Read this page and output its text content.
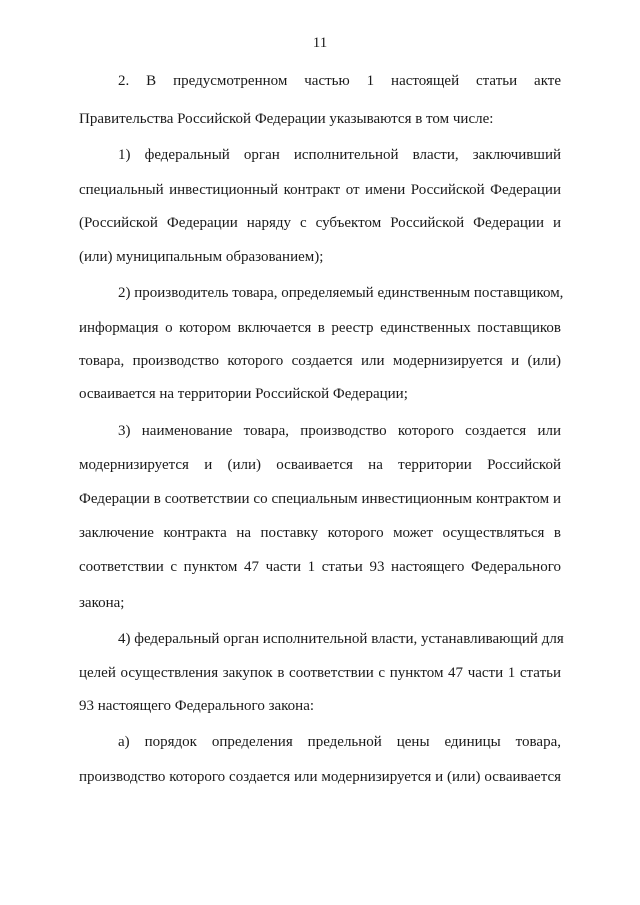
11
2. В предусмотренном частью 1 настоящей статьи акте
Правительства Российской Федерации указываются в том числе:
1) федеральный орган исполнительной власти, заключивший
специальный инвестиционный контракт от имени Российской Федерации
(Российской Федерации наряду с субъектом Российской Федерации и
(или) муниципальным образованием);
2) производитель товара, определяемый единственным поставщиком,
информация о котором включается в реестр единственных поставщиков
товара, производство которого создается или модернизируется и (или)
осваивается на территории Российской Федерации;
3) наименование товара, производство которого создается или
модернизируется и (или) осваивается на территории Российской
Федерации в соответствии со специальным инвестиционным контрактом и
заключение контракта на поставку которого может осуществляться в
соответствии с пунктом 47 части 1 статьи 93 настоящего Федерального
закона;
4) федеральный орган исполнительной власти, устанавливающий для
целей осуществления закупок в соответствии с пунктом 47 части 1 статьи
93 настоящего Федерального закона:
а) порядок определения предельной цены единицы товара,
производство которого создается или модернизируется и (или) осваивается
